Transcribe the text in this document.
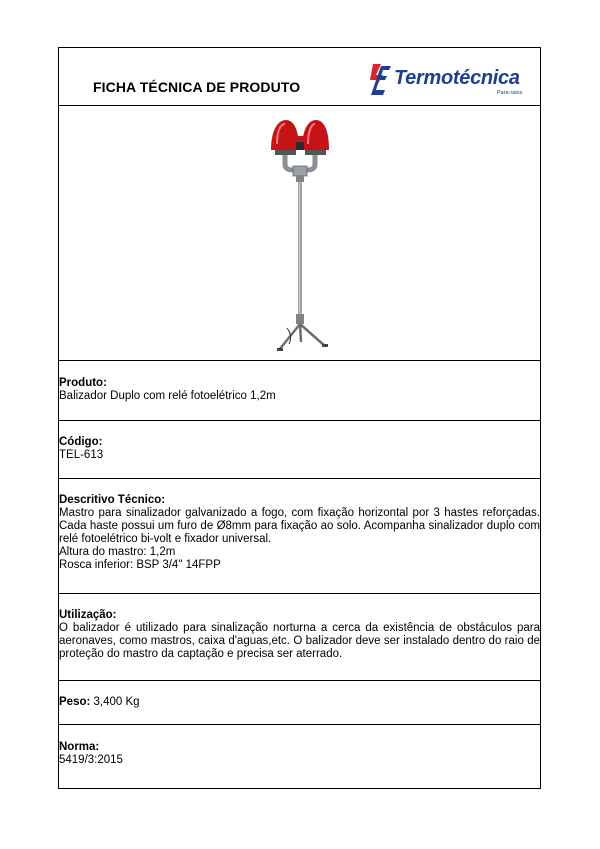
FICHA TÉCNICA DE PRODUTO	Termotécnica
Para-raios
Produto:
Balizador Duplo com relé fotoelétrico 1,2m
Código:
TEL-613
Descritivo Técnico:
Mastro para sinalizador galvanizado a fogo, com fixação horizontal por 3 hastes reforçadas. Cada haste possui um furo de Ø8mm para fixação ao solo. Acompanha sinalizador duplo com relé fotoelétrico bi-volt e fixador universal.
Altura do mastro: 1,2m
Rosca inferior: BSP 3/4" 14FPP
Utilização:
O balizador é utilizado para sinalização norturna a cerca da existência de obstáculos para aeronaves, como mastros, caixa d'aguas,etc. O balizador deve ser instalado dentro do raio de proteção do mastro da captação e precisa ser aterrado.
Peso: 3,400 Kg
Norma:
5419/3:2015
